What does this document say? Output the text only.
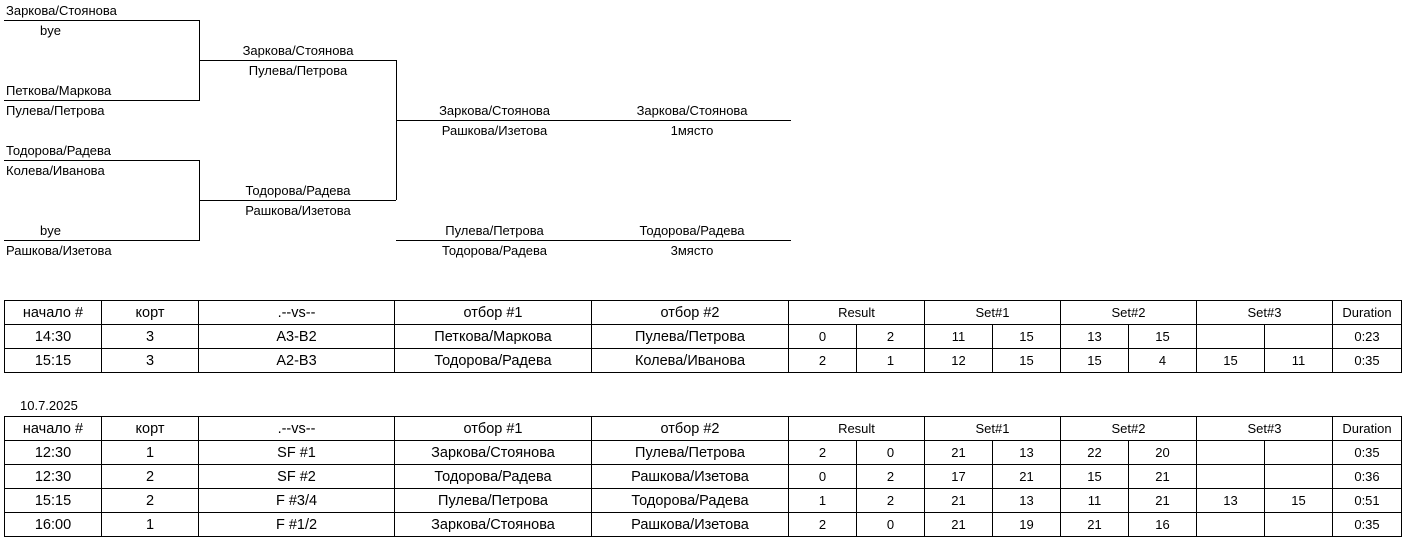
Заркова/Стоянова
bye
Петкова/Маркова
Пулева/Петрова
Тодорова/Радева
Колева/Иванова
bye
Рашкова/Изетова
Заркова/Стоянова
Пулева/Петрова
Тодорова/Радева
Рашкова/Изетова
Заркова/Стоянова
Рашкова/Изетова
Заркова/Стоянова
1място
Пулева/Петрова
Тодорова/Радева
Тодорова/Радева
3място
начало #	корт	.--vs--	отбор #1	отбор #2	Result		Set#1		Set#2		Set#3		Duration
14:30	3	A3-B2	Петкова/Маркова	Пулева/Петрова	0	2	11	15	13	15			0:23
15:15	3	A2-B3	Тодорова/Радева	Колева/Иванова	2	1	12	15	15	4	15	11	0:35
10.7.2025
начало #	корт	.--vs--	отбор #1	отбор #2	Result		Set#1		Set#2		Set#3		Duration
12:30	1	SF #1	Заркова/Стоянова	Пулева/Петрова	2	0	21	13	22	20			0:35
12:30	2	SF #2	Тодорова/Радева	Рашкова/Изетова	0	2	17	21	15	21			0:36
15:15	2	F #3/4	Пулева/Петрова	Тодорова/Радева	1	2	21	13	11	21	13	15	0:51
16:00	1	F #1/2	Заркова/Стоянова	Рашкова/Изетова	2	0	21	19	21	16			0:35
